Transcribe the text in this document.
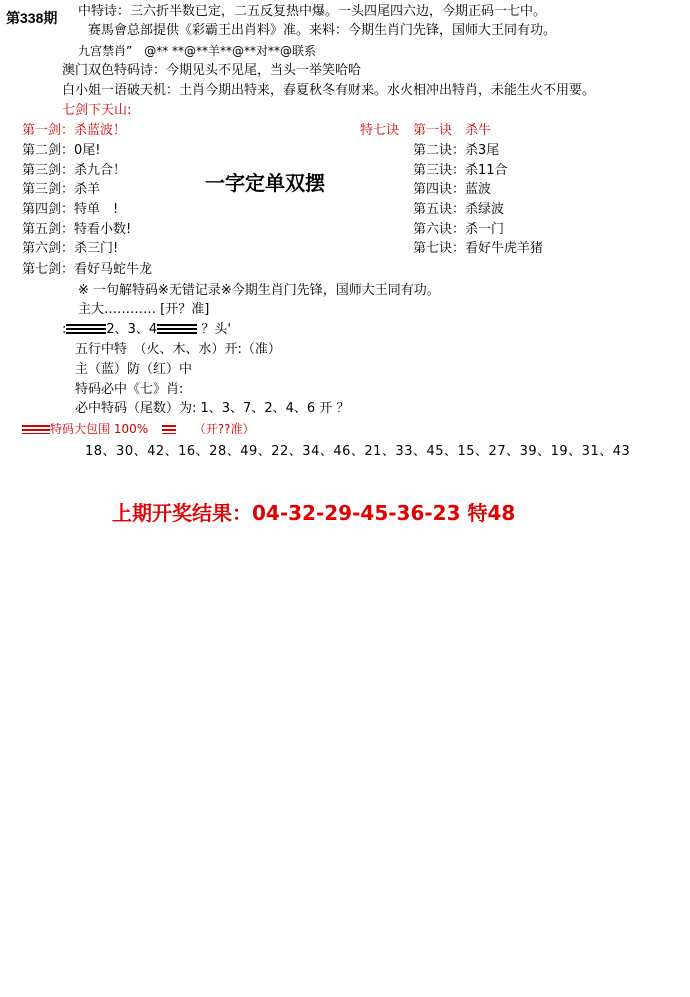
第338期 中特诗：三六折半数已定，二五反复热中爆。一头四尾四六边，今期正码一七中。
赛馬會总部提供《彩霸王出肖料》准。来料：今期生肖门先锋，国师大王同有功。
九宫禁肖”　@** **@**羊**@**对**@联系
澳门双色特码诗：今期见头不见尾，当头一举笑哈哈
白小姐一语破天机：土肖今期出特来，春夏秋冬有财来。水火相冲出特肖，未能生火不用要。
七剑下天山:
第一剑：杀蓝波！
第二剑：0尾!
第三剑：杀九合！
第三剑：杀羊
第四剑：特单　!
第五剑：特看小数!
第六剑：杀三门!
第七剑：看好马蛇牛龙
一字定单双摆
特七诀 第一诀　杀牛
第二诀：杀3尾
第三诀：杀11合
第四诀：蓝波
第五诀：杀绿波
第六诀：杀一门
第七诀：看好牛虎羊猪
※ 一句解特码※无错记录※今期生肖门先锋，国师大王同有功。
主大………… [开？准]
:	2、3、4	？头'
五行中特　（火、木、水）开:（准）
主（蓝）防（红）中
特码必中《七》肖:
必中特码（尾数）为: 1、3、7、2、4、6 开 ？
特码大包围 100%	（开??准）
18、30、42、16、28、49、22、34、46、21、33、45、15、27、39、19、31、43
上期开奖结果：04-32-29-45-36-23 特48
